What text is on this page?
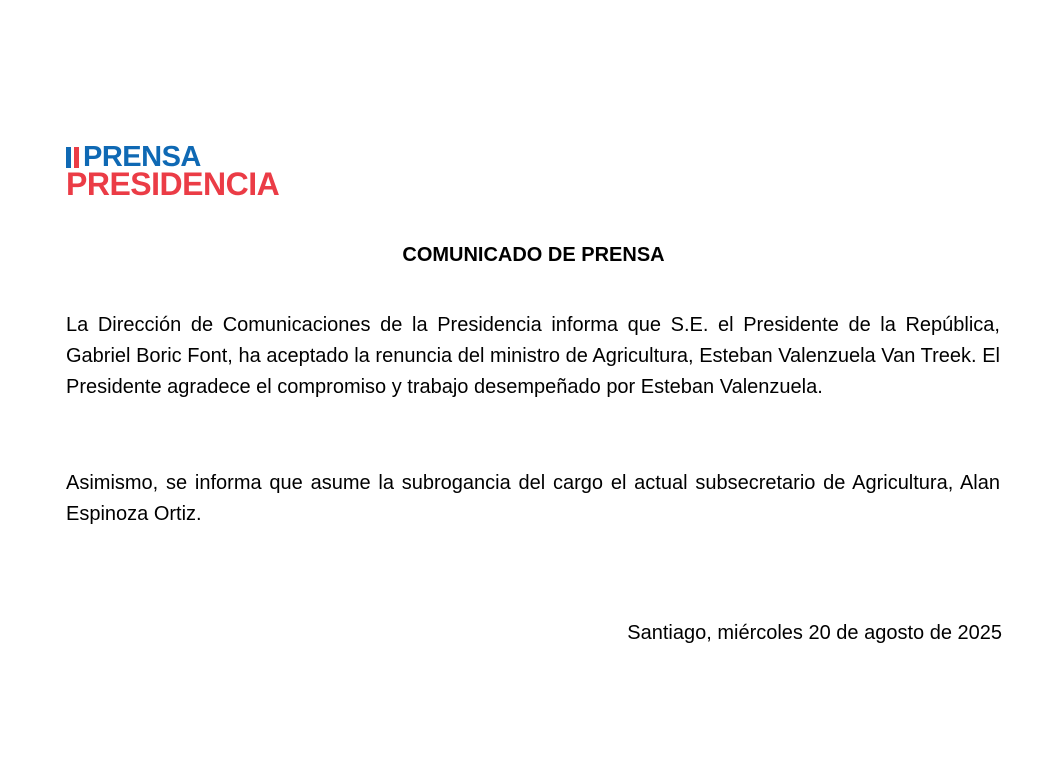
PRENSA
PRESIDENCIA
COMUNICADO DE PRENSA

La Dirección de Comunicaciones de la Presidencia informa que S.E. el Presidente de la República, Gabriel Boric Font, ha aceptado la renuncia del ministro de Agricultura, Esteban Valenzuela Van Treek. El Presidente agradece el compromiso y trabajo desempeñado por Esteban Valenzuela.

Asimismo, se informa que asume la subrogancia del cargo el actual subsecretario de Agricultura, Alan Espinoza Ortiz.

Santiago, miércoles 20 de agosto de 2025
